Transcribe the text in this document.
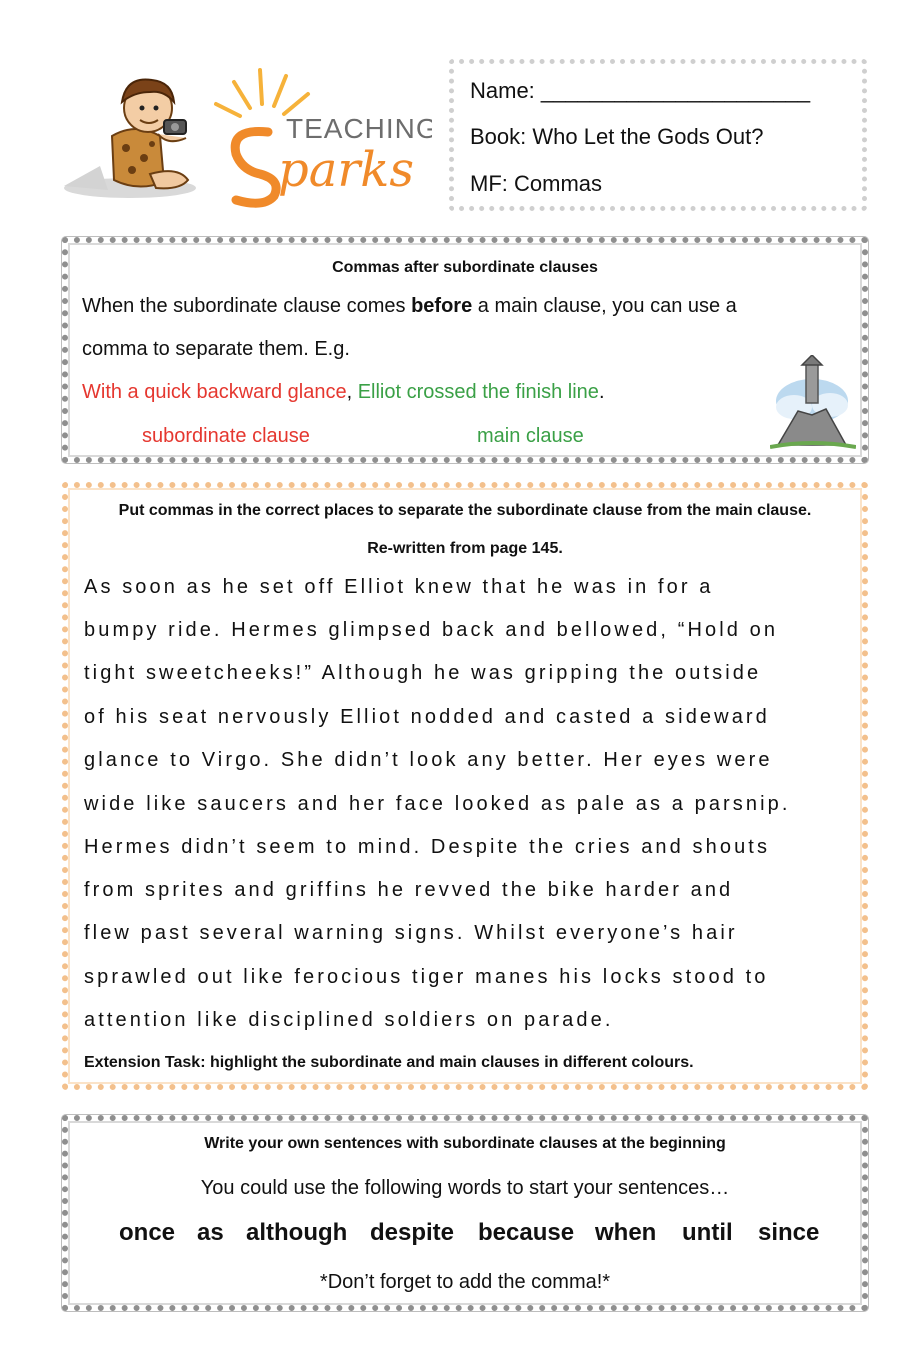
TEACHING
parks
Name: ______________________
Book: Who Let the Gods Out?
MF: Commas
Commas after subordinate clauses
When the subordinate clause comes before a main clause, you can use a
comma to separate them. E.g.
With a quick backward glance, Elliot crossed the finish line.
subordinate clause	main clause
Put commas in the correct places to separate the subordinate clause from the main clause.
Re-written from page 145.
As soon as he set off Elliot knew that he was in for a
bumpy ride. Hermes glimpsed back and bellowed, “Hold on
tight sweetcheeks!” Although he was gripping the outside
of his seat nervously Elliot nodded and casted a sideward
glance to Virgo. She didn’t look any better. Her eyes were
wide like saucers and her face looked as pale as a parsnip.
Hermes didn’t seem to mind. Despite the cries and shouts
from sprites and griffins he revved the bike harder and
flew past several warning signs. Whilst everyone’s hair
sprawled out like ferocious tiger manes his locks stood to
attention like disciplined soldiers on parade.
Extension Task: highlight the subordinate and main clauses in different colours.
Write your own sentences with subordinate clauses at the beginning
You could use the following words to start your sentences…
once as although despite because when until since
*Don’t forget to add the comma!*
